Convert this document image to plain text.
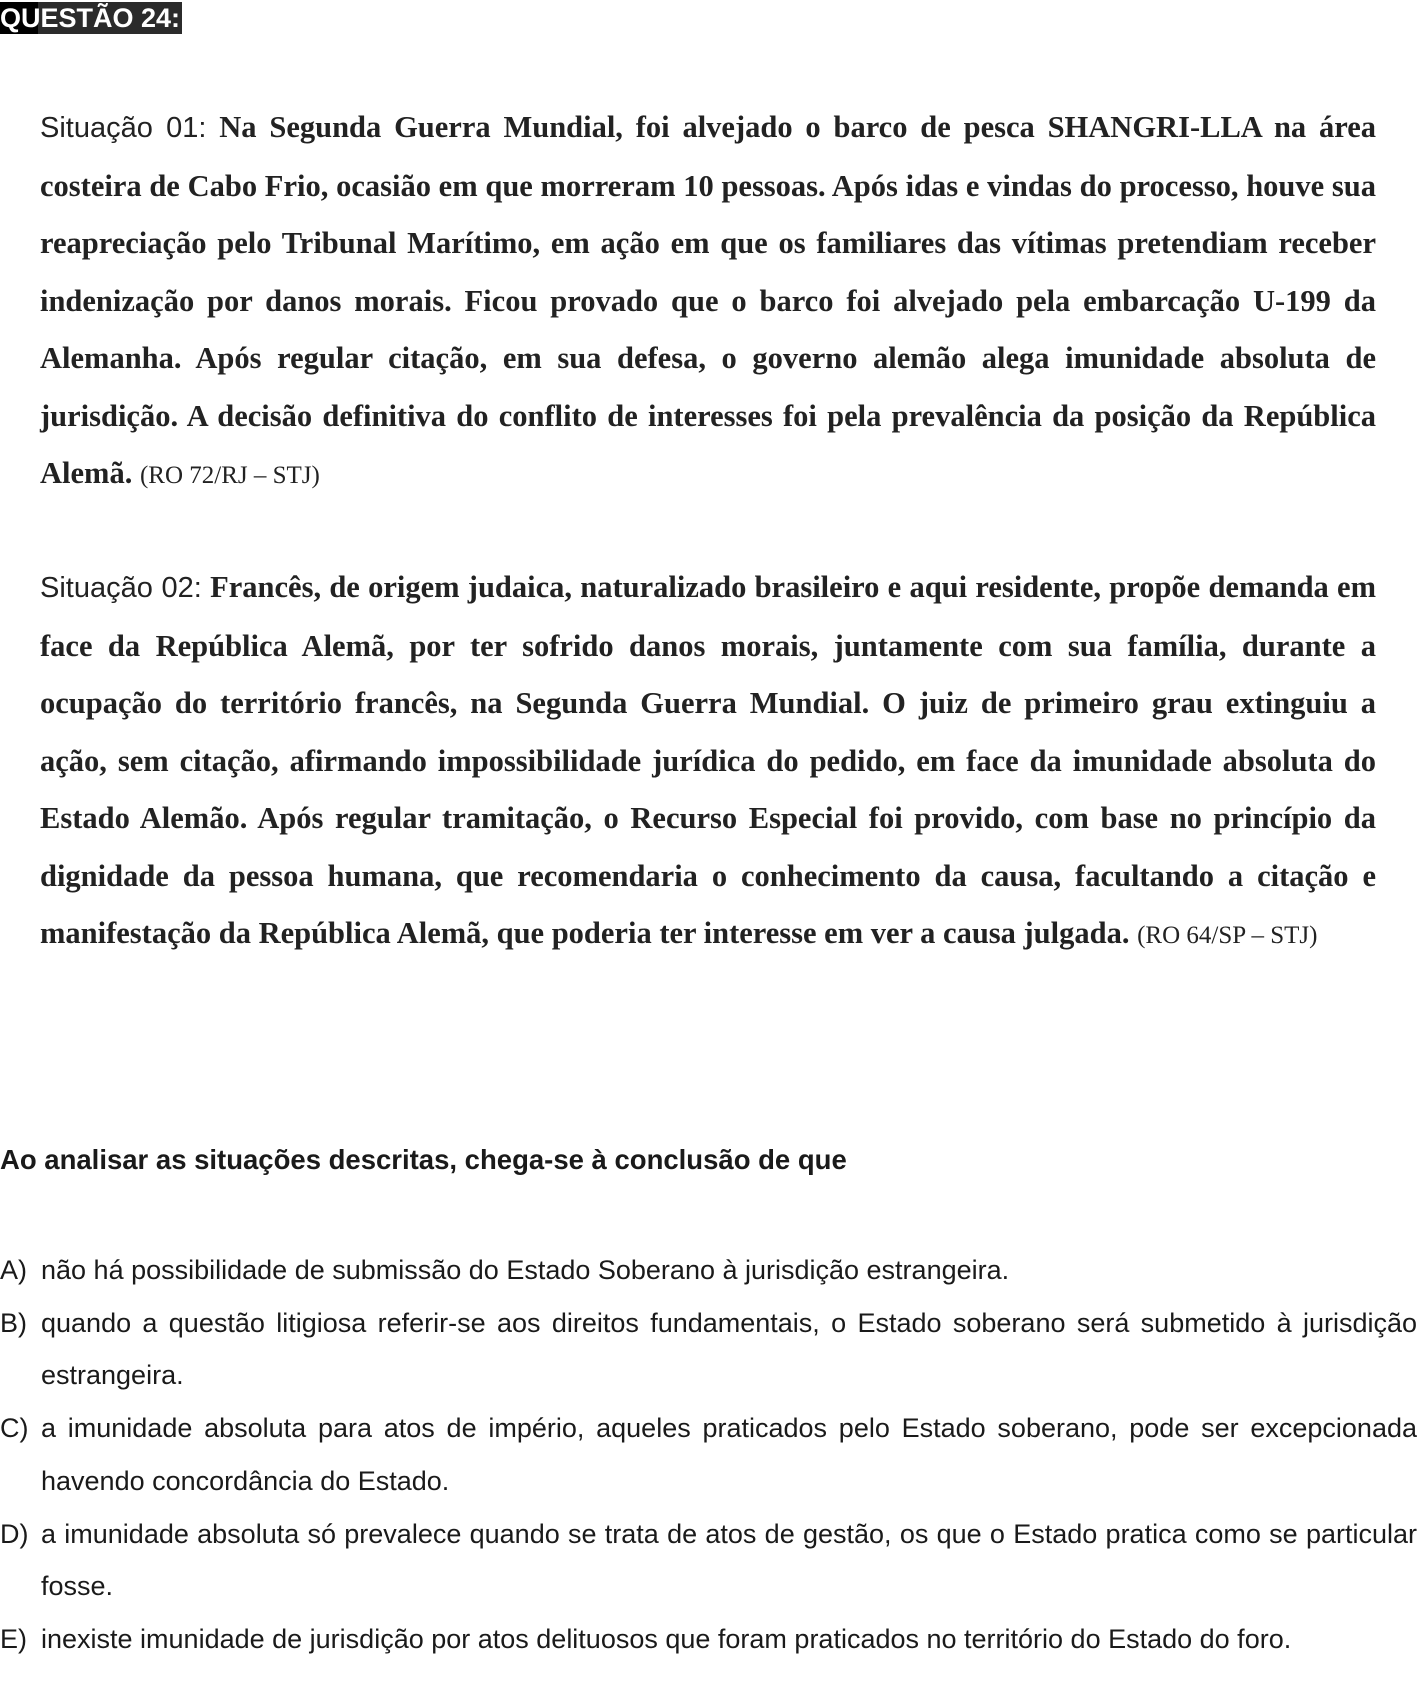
QUESTÃO 24:
Situação 01: Na Segunda Guerra Mundial, foi alvejado o barco de pesca SHANGRI-LLA na área costeira de Cabo Frio, ocasião em que morreram 10 pessoas. Após idas e vindas do processo, houve sua reapreciação pelo Tribunal Marítimo, em ação em que os familiares das vítimas pretendiam receber indenização por danos morais. Ficou provado que o barco foi alvejado pela embarcação U-199 da Alemanha. Após regular citação, em sua defesa, o governo alemão alega imunidade absoluta de jurisdição. A decisão definitiva do conflito de interesses foi pela prevalência da posição da República Alemã. (RO 72/RJ – STJ)
Situação 02: Francês, de origem judaica, naturalizado brasileiro e aqui residente, propõe demanda em face da República Alemã, por ter sofrido danos morais, juntamente com sua família, durante a ocupação do território francês, na Segunda Guerra Mundial. O juiz de primeiro grau extinguiu a ação, sem citação, afirmando impossibilidade jurídica do pedido, em face da imunidade absoluta do Estado Alemão. Após regular tramitação, o Recurso Especial foi provido, com base no princípio da dignidade da pessoa humana, que recomendaria o conhecimento da causa, facultando a citação e manifestação da República Alemã, que poderia ter interesse em ver a causa julgada. (RO 64/SP – STJ)
Ao analisar as situações descritas, chega-se à conclusão de que
A) não há possibilidade de submissão do Estado Soberano à jurisdição estrangeira.
B) quando a questão litigiosa referir-se aos direitos fundamentais, o Estado soberano será submetido à jurisdição estrangeira.
C) a imunidade absoluta para atos de império, aqueles praticados pelo Estado soberano, pode ser excepcionada havendo concordância do Estado.
D) a imunidade absoluta só prevalece quando se trata de atos de gestão, os que o Estado pratica como se particular fosse.
E) inexiste imunidade de jurisdição por atos delituosos que foram praticados no território do Estado do foro.
